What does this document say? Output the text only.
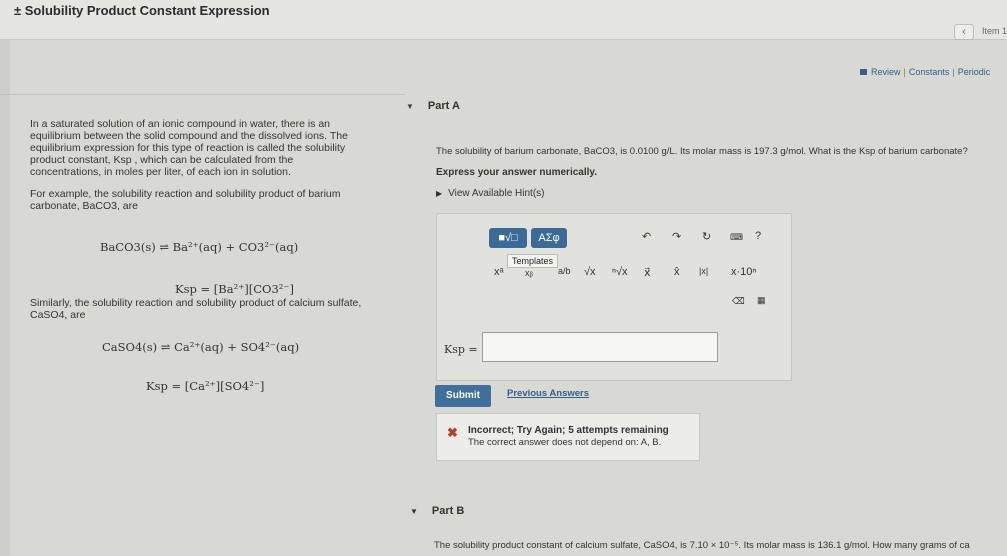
± Solubility Product Constant Expression
‹	Item 1
Review | Constants | Periodic

In a saturated solution of an ionic compound in water, there is an equilibrium between the solid compound and the dissolved ions. The equilibrium expression for this type of reaction is called the solubility product constant, Ksp , which can be calculated from the concentrations, in moles per liter, of each ion in solution.

For example, the solubility reaction and solubility product of barium carbonate, BaCO3, are

BaCO3(s) ⇌ Ba²⁺(aq) + CO3²⁻(aq)
Ksp = [Ba²⁺][CO3²⁻]
Similarly, the solubility reaction and solubility product of calcium sulfate, CaSO4, are
CaSO4(s) ⇌ Ca²⁺(aq) + SO4²⁻(aq)
Ksp = [Ca²⁺][SO4²⁻]
▼ Part A
The solubility of barium carbonate, BaCO3, is 0.0100 g/L. Its molar mass is 197.3 g/mol. What is the Ksp of barium carbonate?
Express your answer numerically.
▶ View Available Hint(s)
■√□	ΑΣφ	↶ ↷ ↻ ⌨ ?
xᵃ xᵦ	a/b √x ⁿ√x x⃗ x̂ |x| x·10ⁿ
Templates
⌫ ▦
Ksp =
Submit	Previous Answers
✖ Incorrect; Try Again; 5 attempts remaining
The correct answer does not depend on: A, B.
▼ Part B
The solubility product constant of calcium sulfate, CaSO4, is 7.10 × 10⁻⁵. Its molar mass is 136.1 g/mol. How many grams of ca
